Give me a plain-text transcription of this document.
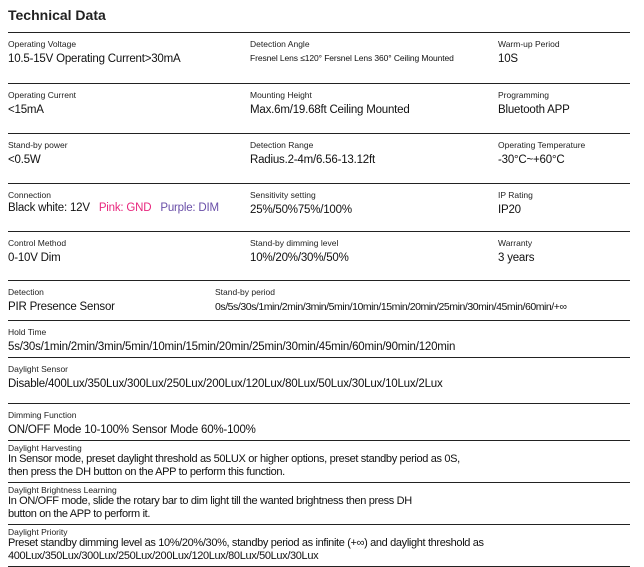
Technical Data
Operating Voltage
10.5-15V Operating Current>30mA
Detection Angle
Fresnel Lens ≤120° Fersnel Lens 360° Ceiling Mounted
Warm-up Period
10S
Operating Current
<15mA
Mounting Height
Max.6m/19.68ft Ceiling Mounted
Programming
Bluetooth APP
Stand-by power
<0.5W
Detection Range
Radius.2-4m/6.56-13.12ft
Operating Temperature
-30°C~+60°C
Connection
Black white: 12V Pink: GND Purple: DIM
Sensitivity setting
25%/50%75%/100%
IP Rating
IP20
Control Method
0-10V Dim
Stand-by dimming level
10%/20%/30%/50%
Warranty
3 years
Detection
PIR Presence Sensor
Stand-by period
0s/5s/30s/1min/2min/3min/5min/10min/15min/20min/25min/30min/45min/60min/+∞
Hold Time
5s/30s/1min/2min/3min/5min/10min/15min/20min/25min/30min/45min/60min/90min/120min
Daylight Sensor
Disable/400Lux/350Lux/300Lux/250Lux/200Lux/120Lux/80Lux/50Lux/30Lux/10Lux/2Lux
Dimming Function
ON/OFF Mode 10-100% Sensor Mode 60%-100%
Daylight Harvesting
In Sensor mode, preset daylight threshold as 50LUX or higher options, preset standby period as 0S,
then press the DH button on the APP to perform this function.
Daylight Brightness Learning
In ON/OFF mode, slide the rotary bar to dim light till the wanted brightness then press DH
button on the APP to perform it.
Daylight Priority
Preset standby dimming level as 10%/20%/30%, standby period as infinite (+∞) and daylight threshold as
400Lux/350Lux/300Lux/250Lux/200Lux/120Lux/80Lux/50Lux/30Lux
